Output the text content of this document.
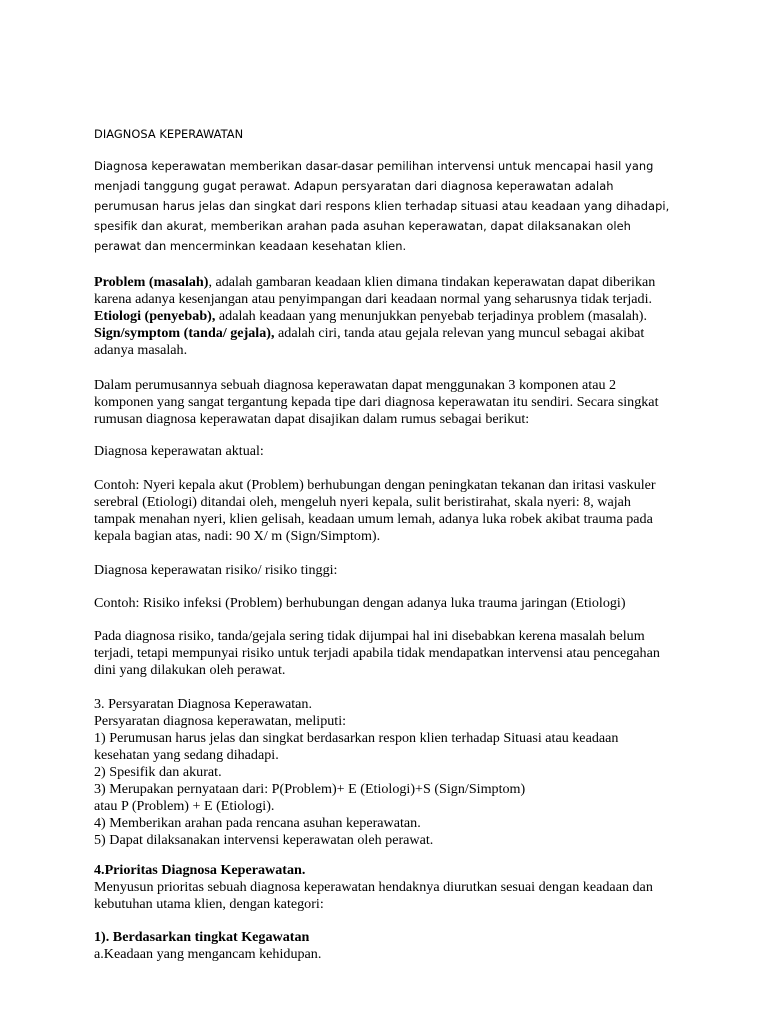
DIAGNOSA KEPERAWATAN
Diagnosa keperawatan memberikan dasar-dasar pemilihan intervensi untuk mencapai hasil yang
menjadi tanggung gugat perawat. Adapun persyaratan dari diagnosa keperawatan adalah
perumusan harus jelas dan singkat dari respons klien terhadap situasi atau keadaan yang dihadapi,
spesifik dan akurat, memberikan arahan pada asuhan keperawatan, dapat dilaksanakan oleh
perawat dan mencerminkan keadaan kesehatan klien.
Problem (masalah), adalah gambaran keadaan klien dimana tindakan keperawatan dapat diberikan
karena adanya kesenjangan atau penyimpangan dari keadaan normal yang seharusnya tidak terjadi.
Etiologi (penyebab), adalah keadaan yang menunjukkan penyebab terjadinya problem (masalah).
Sign/symptom (tanda/ gejala), adalah ciri, tanda atau gejala relevan yang muncul sebagai akibat
adanya masalah.
Dalam perumusannya sebuah diagnosa keperawatan dapat menggunakan 3 komponen atau 2
komponen yang sangat tergantung kepada tipe dari diagnosa keperawatan itu sendiri. Secara singkat
rumusan diagnosa keperawatan dapat disajikan dalam rumus sebagai berikut:
Diagnosa keperawatan aktual:
Contoh: Nyeri kepala akut (Problem) berhubungan dengan peningkatan tekanan dan iritasi vaskuler
serebral (Etiologi) ditandai oleh, mengeluh nyeri kepala, sulit beristirahat, skala nyeri: 8, wajah
tampak menahan nyeri, klien gelisah, keadaan umum lemah, adanya luka robek akibat trauma pada
kepala bagian atas, nadi: 90 X/ m (Sign/Simptom).
Diagnosa keperawatan risiko/ risiko tinggi:
Contoh: Risiko infeksi (Problem) berhubungan dengan adanya luka trauma jaringan (Etiologi)
Pada diagnosa risiko, tanda/gejala sering tidak dijumpai hal ini disebabkan kerena masalah belum
terjadi, tetapi mempunyai risiko untuk terjadi apabila tidak mendapatkan intervensi atau pencegahan
dini yang dilakukan oleh perawat.
3. Persyaratan Diagnosa Keperawatan.
Persyaratan diagnosa keperawatan, meliputi:
1) Perumusan harus jelas dan singkat berdasarkan respon klien terhadap Situasi atau keadaan
kesehatan yang sedang dihadapi.
2) Spesifik dan akurat.
3) Merupakan pernyataan dari: P(Problem)+ E (Etiologi)+S (Sign/Simptom)
atau P (Problem) + E (Etiologi).
4) Memberikan arahan pada rencana asuhan keperawatan.
5) Dapat dilaksanakan intervensi keperawatan oleh perawat.
4.Prioritas Diagnosa Keperawatan.
Menyusun prioritas sebuah diagnosa keperawatan hendaknya diurutkan sesuai dengan keadaan dan
kebutuhan utama klien, dengan kategori:
1). Berdasarkan tingkat Kegawatan
a.Keadaan yang mengancam kehidupan.
